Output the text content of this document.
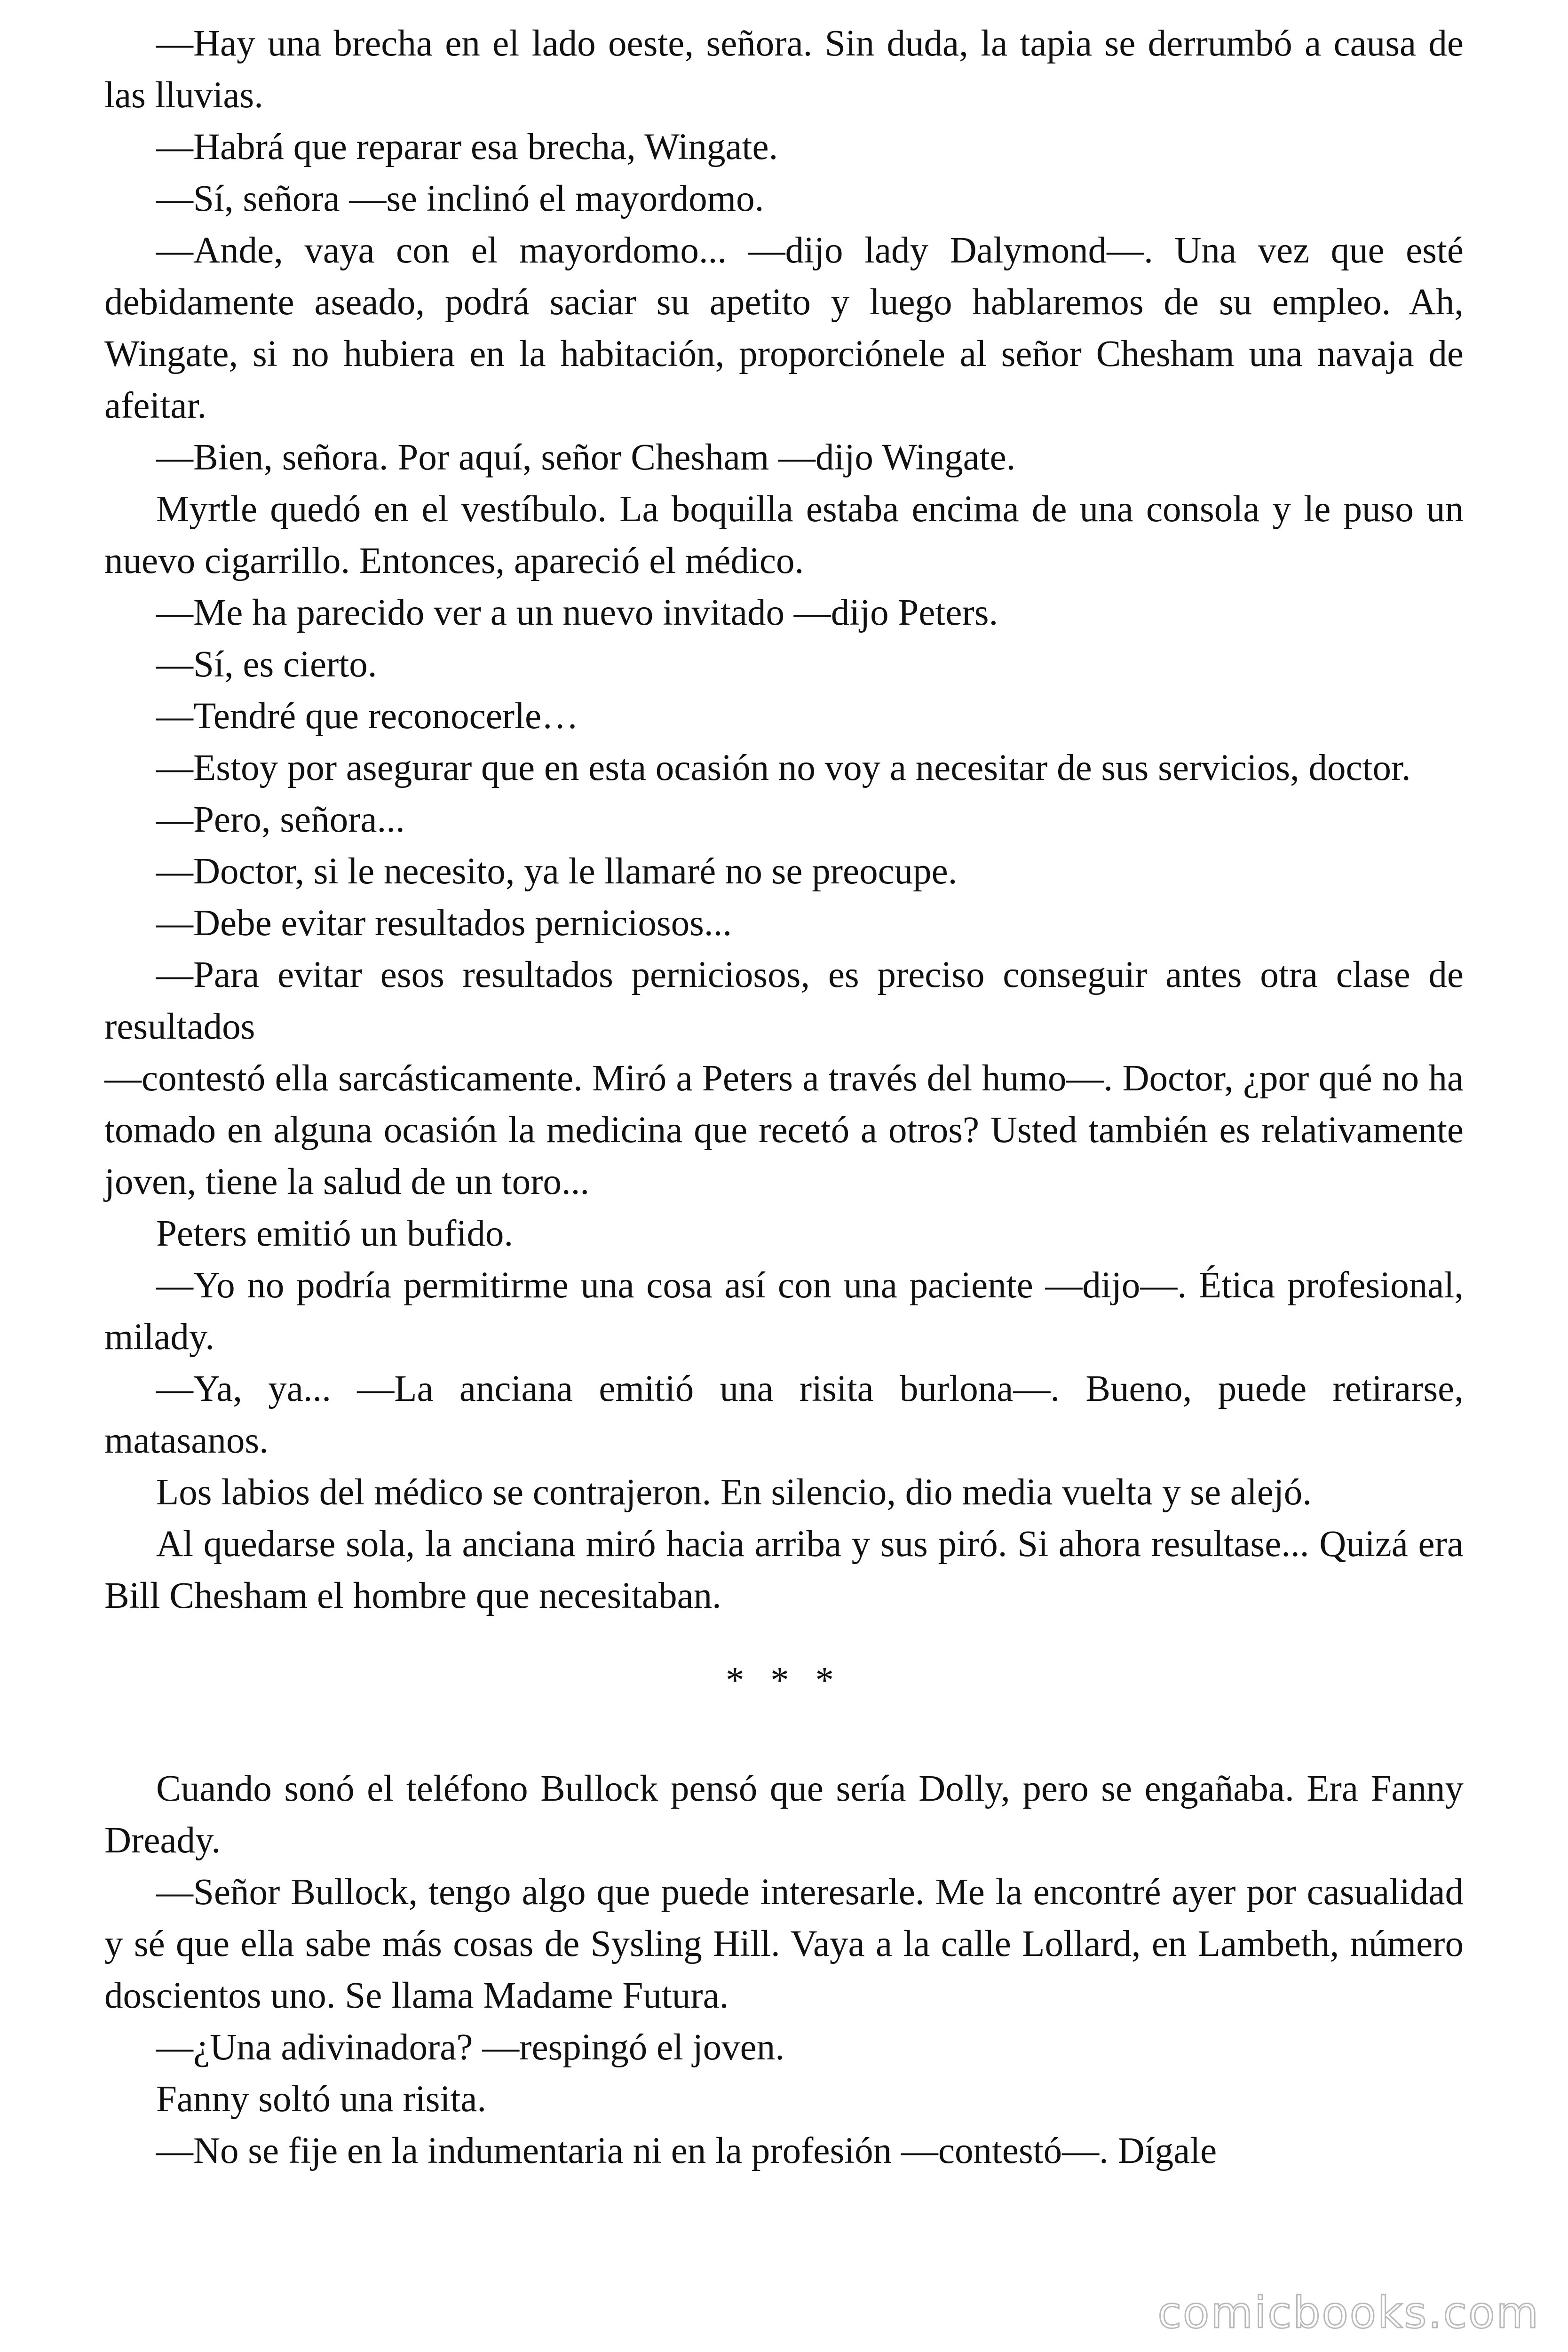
—Hay una brecha en el lado oeste, señora. Sin duda, la tapia se derrumbó a causa de las lluvias.

—Habrá que reparar esa brecha, Wingate.

—Sí, señora —se inclinó el mayordomo.

—Ande, vaya con el mayordomo... —dijo lady Dalymond—. Una vez que esté debidamente aseado, podrá saciar su apetito y luego hablaremos de su empleo. Ah, Wingate, si no hubiera en la habitación, proporciónele al señor Chesham una navaja de afeitar.

—Bien, señora. Por aquí, señor Chesham —dijo Wingate.

Myrtle quedó en el vestíbulo. La boquilla estaba encima de una consola y le puso un nuevo cigarrillo. Entonces, apareció el médico.

—Me ha parecido ver a un nuevo invitado —dijo Peters.

—Sí, es cierto.

—Tendré que reconocerle…

—Estoy por asegurar que en esta ocasión no voy a necesitar de sus servicios, doctor.

—Pero, señora...

—Doctor, si le necesito, ya le llamaré no se preocupe.

—Debe evitar resultados perniciosos...

—Para evitar esos resultados perniciosos, es preciso conseguir antes otra clase de resultados

—contestó ella sarcásticamente. Miró a Peters a través del humo—. Doctor, ¿por qué no ha tomado en alguna ocasión la medicina que recetó a otros? Usted también es relativamente joven, tiene la salud de un toro...

Peters emitió un bufido.

—Yo no podría permitirme una cosa así con una paciente —dijo—. Ética profesional, milady.

—Ya, ya... —La anciana emitió una risita burlona—. Bueno, puede retirarse, matasanos.

Los labios del médico se contrajeron. En silencio, dio media vuelta y se alejó.

Al quedarse sola, la anciana miró hacia arriba y sus piró. Si ahora resultase... Quizá era Bill Chesham el hombre que necesitaban.

* * *

Cuando sonó el teléfono Bullock pensó que sería Dolly, pero se engañaba. Era Fanny Dready.

—Señor Bullock, tengo algo que puede interesarle. Me la encontré ayer por casualidad y sé que ella sabe más cosas de Sysling Hill. Vaya a la calle Lollard, en Lambeth, número doscientos uno. Se llama Madame Futura.

—¿Una adivinadora? —respingó el joven.

Fanny soltó una risita.

—No se fije en la indumentaria ni en la profesión —contestó—. Dígale

comicbooks.com
